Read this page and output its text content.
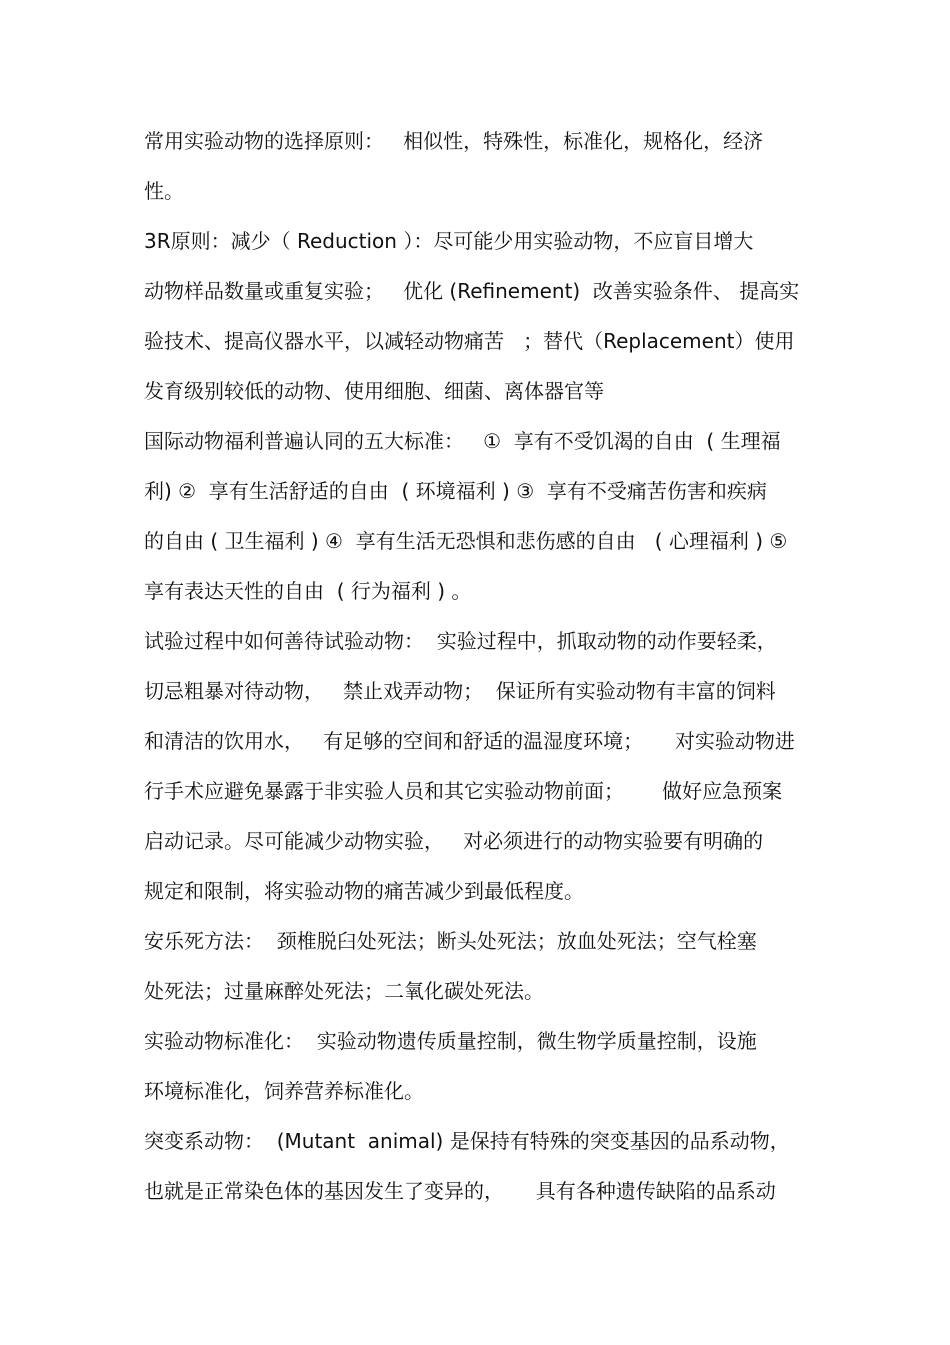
常用实验动物的选择原则：   相似性，特殊性，标准化，规格化，经济
性。
3R原则：减少（ Reduction ）：尽可能少用实验动物，不应盲目增大
动物样品数量或重复实验；   优化 (Refinement)  改善实验条件、 提高实
验技术、提高仪器水平，以减轻动物痛苦   ；替代（Replacement）使用
发育级别较低的动物、使用细胞、细菌、离体器官等
国际动物福利普遍认同的五大标准：   ①  享有不受饥渴的自由  ( 生理福
利) ②  享有生活舒适的自由  ( 环境福利 ) ③  享有不受痛苦伤害和疾病
的自由 ( 卫生福利 ) ④  享有生活无恐惧和悲伤感的自由   ( 心理福利 ) ⑤
享有表达天性的自由  ( 行为福利 ) 。
试验过程中如何善待试验动物：  实验过程中，抓取动物的动作要轻柔，
切忌粗暴对待动物，   禁止戏弄动物；  保证所有实验动物有丰富的饲料
和清洁的饮用水，   有足够的空间和舒适的温湿度环境；     对实验动物进
行手术应避免暴露于非实验人员和其它实验动物前面；      做好应急预案
启动记录。尽可能减少动物实验，   对必须进行的动物实验要有明确的
规定和限制，将实验动物的痛苦减少到最低程度。
安乐死方法：  颈椎脱臼处死法；断头处死法；放血处死法；空气栓塞
处死法；过量麻醉处死法；二氧化碳处死法。
实验动物标准化：  实验动物遗传质量控制，微生物学质量控制，设施
环境标准化，饲养营养标准化。
突变系动物：  (Mutant  animal) 是保持有特殊的突变基因的品系动物，
也就是正常染色体的基因发生了变异的，     具有各种遗传缺陷的品系动
